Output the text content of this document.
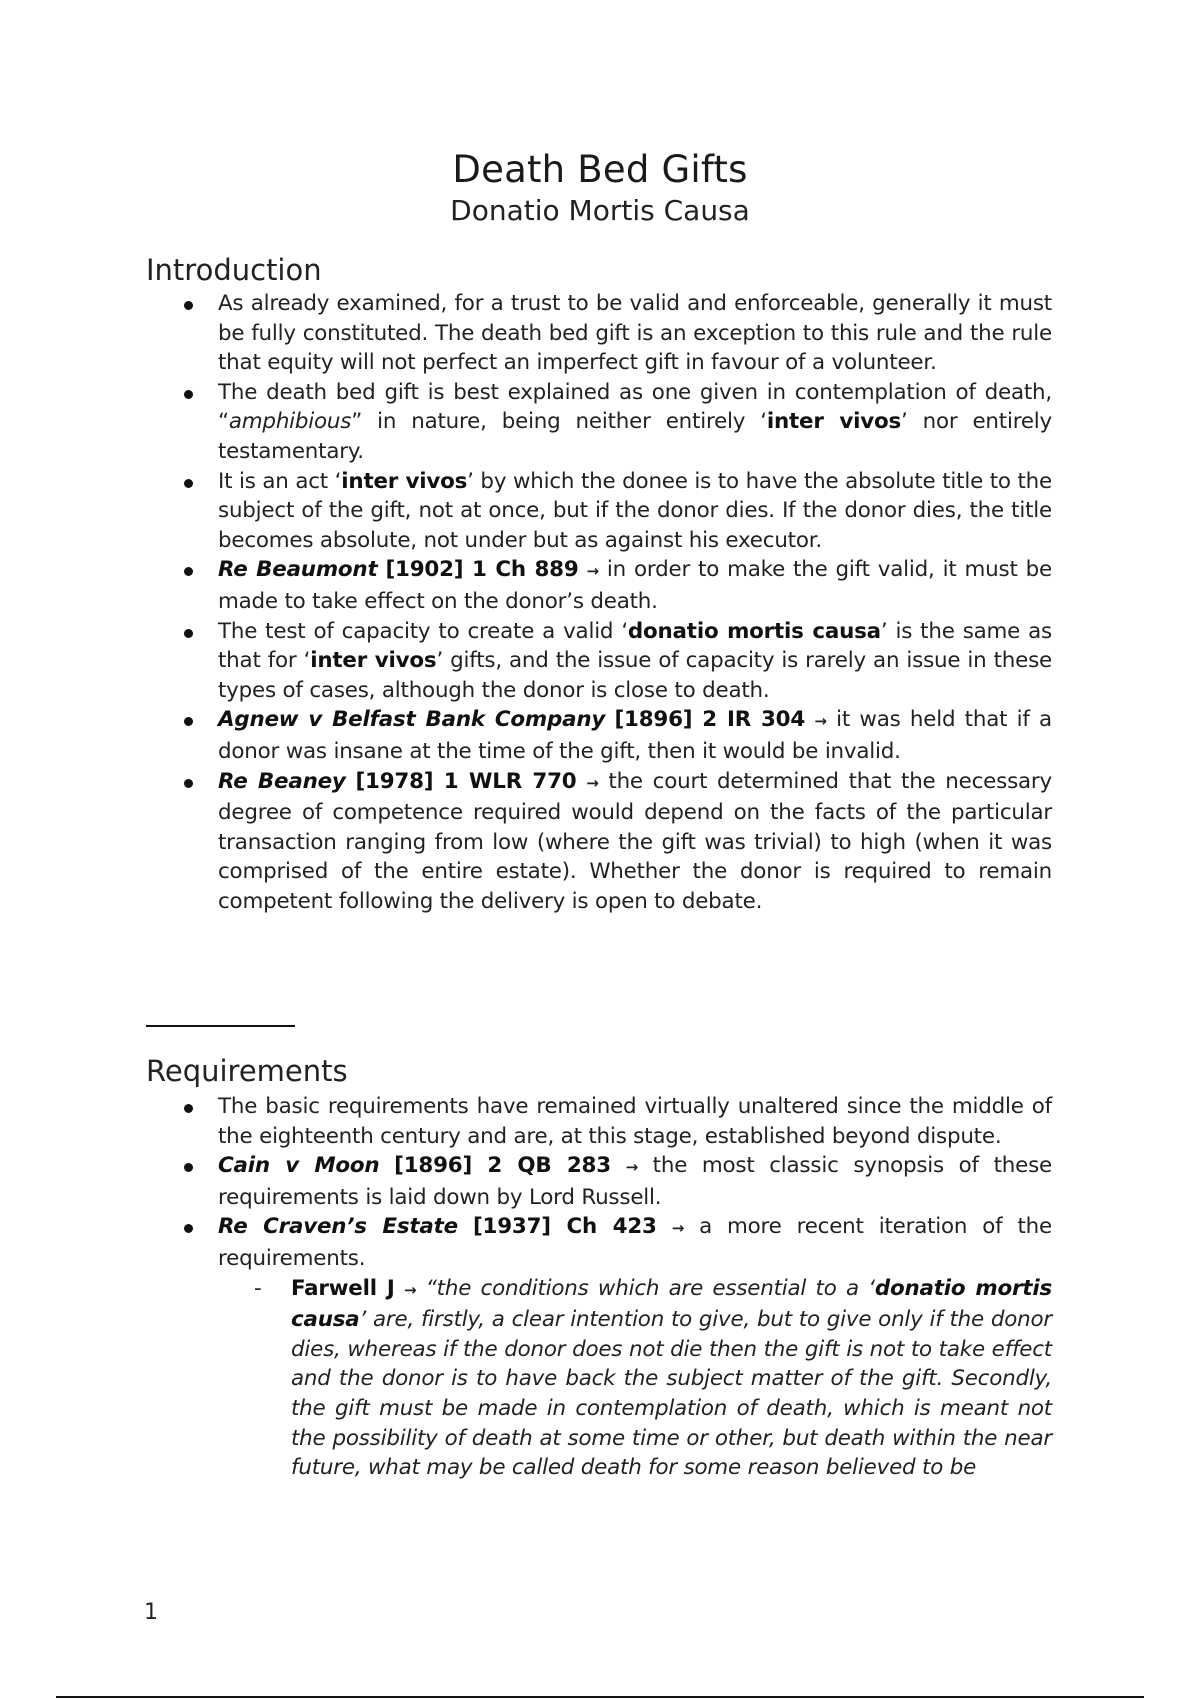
Death Bed Gifts
Donatio Mortis Causa
Introduction
As already examined, for a trust to be valid and enforceable, generally it must be fully constituted. The death bed gift is an exception to this rule and the rule that equity will not perfect an imperfect gift in favour of a volunteer.
The death bed gift is best explained as one given in contemplation of death, “amphibious” in nature, being neither entirely ‘inter vivos’ nor entirely testamentary.
It is an act ‘inter vivos’ by which the donee is to have the absolute title to the subject of the gift, not at once, but if the donor dies. If the donor dies, the title becomes absolute, not under but as against his executor.
Re Beaumont [1902] 1 Ch 889 → in order to make the gift valid, it must be made to take effect on the donor’s death.
The test of capacity to create a valid ‘donatio mortis causa’ is the same as that for ‘inter vivos’ gifts, and the issue of capacity is rarely an issue in these types of cases, although the donor is close to death.
Agnew v Belfast Bank Company [1896] 2 IR 304 → it was held that if a donor was insane at the time of the gift, then it would be invalid.
Re Beaney [1978] 1 WLR 770 → the court determined that the necessary degree of competence required would depend on the facts of the particular transaction ranging from low (where the gift was trivial) to high (when it was comprised of the entire estate). Whether the donor is required to remain competent following the delivery is open to debate.
Requirements
The basic requirements have remained virtually unaltered since the middle of the eighteenth century and are, at this stage, established beyond dispute.
Cain v Moon [1896] 2 QB 283 → the most classic synopsis of these requirements is laid down by Lord Russell.
Re Craven’s Estate [1937] Ch 423 → a more recent iteration of the requirements.
- Farwell J → “the conditions which are essential to a ‘donatio mortis causa’ are, firstly, a clear intention to give, but to give only if the donor dies, whereas if the donor does not die then the gift is not to take effect and the donor is to have back the subject matter of the gift. Secondly, the gift must be made in contemplation of death, which is meant not the possibility of death at some time or other, but death within the near future, what may be called death for some reason believed to be
1
